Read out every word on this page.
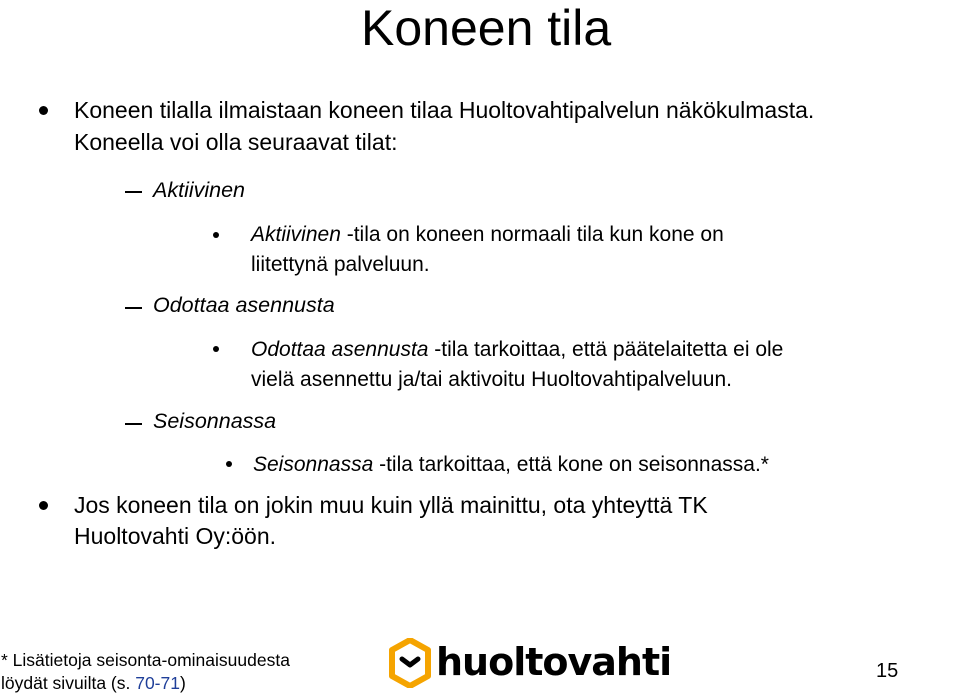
Koneen tila
Koneen tilalla ilmaistaan koneen tilaa Huoltovahtipalvelun näkökulmasta.
Koneella voi olla seuraavat tilat:
Aktiivinen
Aktiivinen -tila on koneen normaali tila kun kone on
liitettynä palveluun.
Odottaa asennusta
Odottaa asennusta -tila tarkoittaa, että päätelaitetta ei ole
vielä asennettu ja/tai aktivoitu Huoltovahtipalveluun.
Seisonnassa
Seisonnassa -tila tarkoittaa, että kone on seisonnassa.*
Jos koneen tila on jokin muu kuin yllä mainittu, ota yhteyttä TK
Huoltovahti Oy:öön.
* Lisätietoja seisonta-ominaisuudesta
löydät sivuilta (s. 70-71)	huoltovahti	15
